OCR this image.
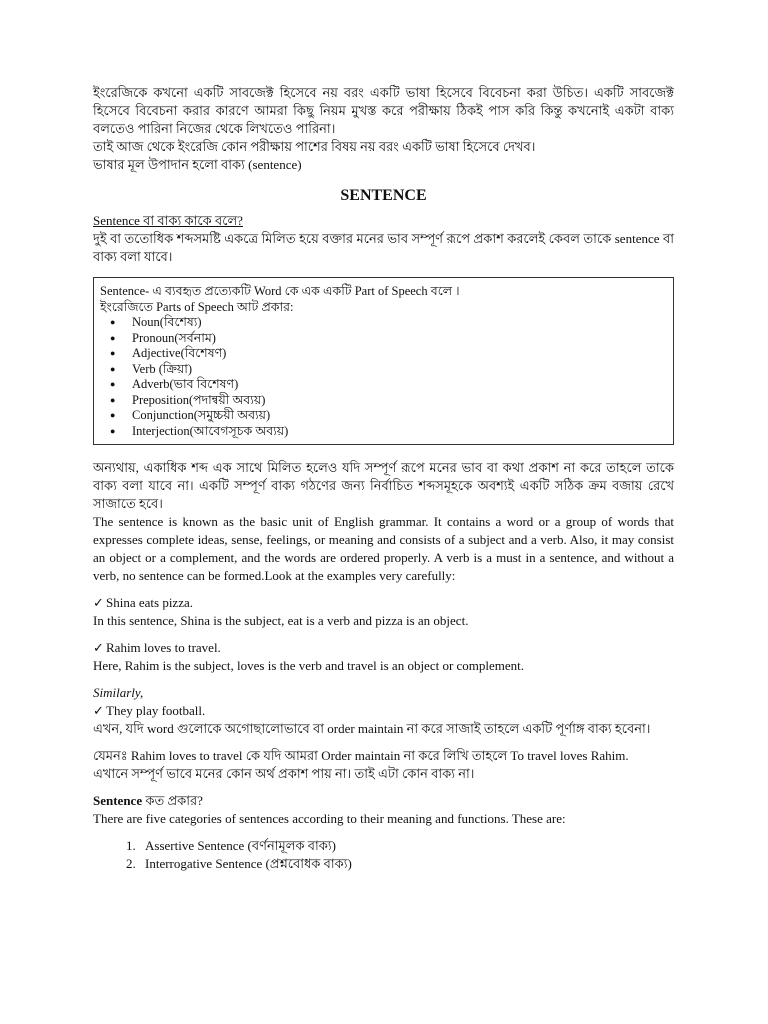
ইংরেজিকে কখনো একটি সাবজেক্ট হিসেবে নয় বরং একটি ভাষা হিসেবে বিবেচনা করা উচিত। একটি সাবজেক্ট হিসেবে বিবেচনা করার কারণে আমরা কিছু নিয়ম মুখস্ত করে পরীক্ষায় ঠিকই পাস করি কিন্তু কখনোই একটা বাক্য বলতেও পারিনা নিজের থেকে লিখতেও পারিনা।

তাই আজ থেকে ইংরেজি কোন পরীক্ষায় পাশের বিষয় নয় বরং একটি ভাষা হিসেবে দেখব।

ভাষার মূল উপাদান হলো বাক্য (sentence)

SENTENCE

Sentence বা বাক্য কাকে বলে?

দুই বা ততোধিক শব্দসমষ্টি একত্রে মিলিত হয়ে বক্তার মনের ভাব সম্পূর্ণ রূপে প্রকাশ করলেই কেবল তাকে sentence বা বাক্য বলা যাবে।

Sentence- এ ব্যবহৃত প্রত্যেকটি Word কে এক একটি Part of Speech বলে ।

ইংরেজিতে Parts of Speech আট প্রকার:

● Noun(বিশেষ্য)
● Pronoun(সর্বনাম)
● Adjective(বিশেষণ)
● Verb (ক্রিয়া)
● Adverb(ভাব বিশেষণ)
● Preposition(পদান্বয়ী অব্যয়)
● Conjunction(সমুচ্চয়ী অব্যয়)
● Interjection(আবেগসূচক অব্যয়)

অন্যথায়, একাধিক শব্দ এক সাথে মিলিত হলেও যদি সম্পূর্ণ রূপে মনের ভাব বা কথা প্রকাশ না করে তাহলে তাকে বাক্য বলা যাবে না। একটি সম্পূর্ণ বাক্য গঠণের জন্য নির্বাচিত শব্দসমূহকে অবশ্যই একটি সঠিক ক্রম বজায় রেখে সাজাতে হবে।

The sentence is known as the basic unit of English grammar. It contains a word or a group of words that expresses complete ideas, sense, feelings, or meaning and consists of a subject and a verb. Also, it may consist an object or a complement, and the words are ordered properly. A verb is a must in a sentence, and without a verb, no sentence can be formed.Look at the examples very carefully:

✓ Shina eats pizza.

In this sentence, Shina is the subject, eat is a verb and pizza is an object.

✓ Rahim loves to travel.

Here, Rahim is the subject, loves is the verb and travel is an object or complement.

Similarly,

✓ They play football.

এখন, যদি word গুলোকে অগোছালোভাবে বা order maintain না করে সাজাই তাহলে একটি পূর্ণাঙ্গ বাক্য হবেনা।

যেমনঃ Rahim loves to travel কে যদি আমরা Order maintain না করে লিখি তাহলে To travel loves Rahim.

এখানে সম্পূর্ণ ভাবে মনের কোন অর্থ প্রকাশ পায় না। তাই এটা কোন বাক্য না।

Sentence কত প্রকার?

There are five categories of sentences according to their meaning and functions. These are:

1. Assertive Sentence (বর্ণনামূলক বাক্য)
2. Interrogative Sentence (প্রশ্নবোধক বাক্য)
